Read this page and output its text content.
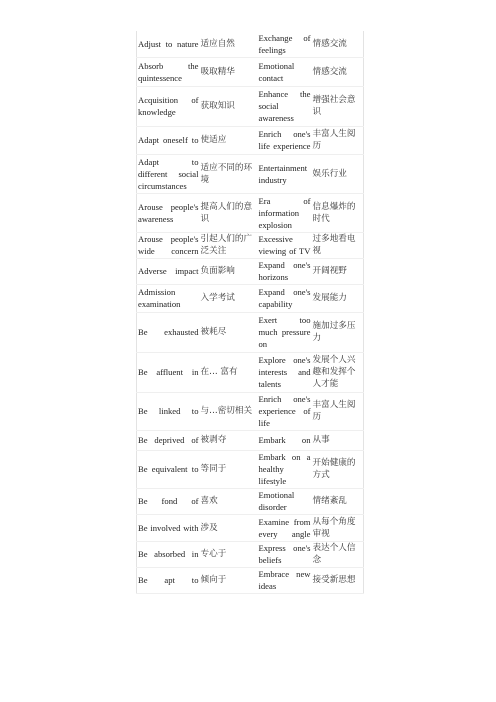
Adjust to nature	适应自然	Exchange of feelings	情感交流
Absorb the quintessence	吸取精华	Emotional contact	情感交流
Acquisition of knowledge	获取知识	Enhance the social awareness	增强社会意识
Adapt oneself to	使适应	Enrich one's life experience	丰富人生阅历
Adapt to different social circumstances	适应不同的环境	Entertainment industry	娱乐行业
Arouse people's awareness	提高人们的意识	Era of information explosion	信息爆炸的时代
Arouse people's wide concern	引起人们的广泛关注	Excessive viewing of TV	过多地看电视
Adverse impact	负面影响	Expand one's horizons	开阔视野
Admission examination	入学考试	Expand one's capability	发展能力
Be exhausted	被耗尽	Exert too much pressure on	施加过多压力
Be affluent in	在… 富有	Explore one's interests and talents	发展个人兴趣和发挥个人才能
Be linked to	与…密切相关	Enrich one's experience of life	丰富人生阅历
Be deprived of	被剥夺	Embark on	从事
Be equivalent to	等同于	Embark on a healthy lifestyle	开始健康的方式
Be fond of	喜欢	Emotional disorder	情绪紊乱
Be involved with	涉及	Examine from every angle	从每个角度审视
Be absorbed in	专心于	Express one's beliefs	表达个人信念
Be apt to	倾向于	Embrace new ideas	接受新思想
